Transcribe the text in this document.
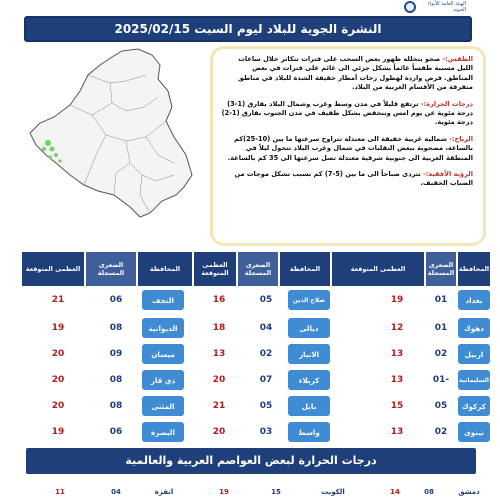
الهيئة العامة للأنواء الجوية
النشرة الجوية للبلاد ليوم السبت 2025/02/15

الطقس:- صحو يتخلله ظهور بعض السحب على فترات تتكاثر خلال ساعات الليل مسببة طقساً غائماً بشكل جزئي الى غائم على فترات في بعض المناطق. فرص واردة لهطول زخات أمطار خفيفة الشدة للبلاد في مناطق متفرقة من الأقسام الغربية من البلاد.

درجات الحرارة:- ترتفع قليلاً في مدن وسط وغرب وشمال البلاد بفارق (1-3) درجة مئوية عن يوم امس وتنخفض بشكل طفيف في مدن الجنوب بفارق (1-2) درجة مئوية.

الرياح:- شمالية غربية خفيفة الى معتدلة تتراوح سرعتها ما بين (10-25)كم بالساعة، مصحوبة ببعض التقلبات في شمال وغرب البلاد تتحول ليلاً في المنطقة الغربية الى جنوبية شرقية معتدلة تصل سرعتها الى 35 كم بالساعة.

الرؤية الأفقية:- تتردى صباحاً الى ما بين (5-7) كم بسبب تشكل موجات من الضباب الخفيف.

المحافظة
الصغرى المسجلة
العظمى المتوقعة
بغداد
01
19
دهوك
01
12
اربيل
02
13
السليمانية
01-
13
كركوك
05
15
نينوى
02
13
المحافظة
الصغرى المسجلة
العظمى المتوقعة
صلاح الدين
05
16
ديالى
04
18
الانبار
02
13
كربلاء
07
20
بابل
05
21
واسط
03
20
المحافظة
الصغرى المسجلة
العظمى المتوقعة
النجف
06
21
الديوانية
08
19
ميسان
09
20
ذي قار
08
20
المثنى
08
20
البصرة
06
19
درجات الحرارة لبعض العواصم العربية والعالمية
دمشق
08
14
الكويت
15
19
انقرة
04
11
